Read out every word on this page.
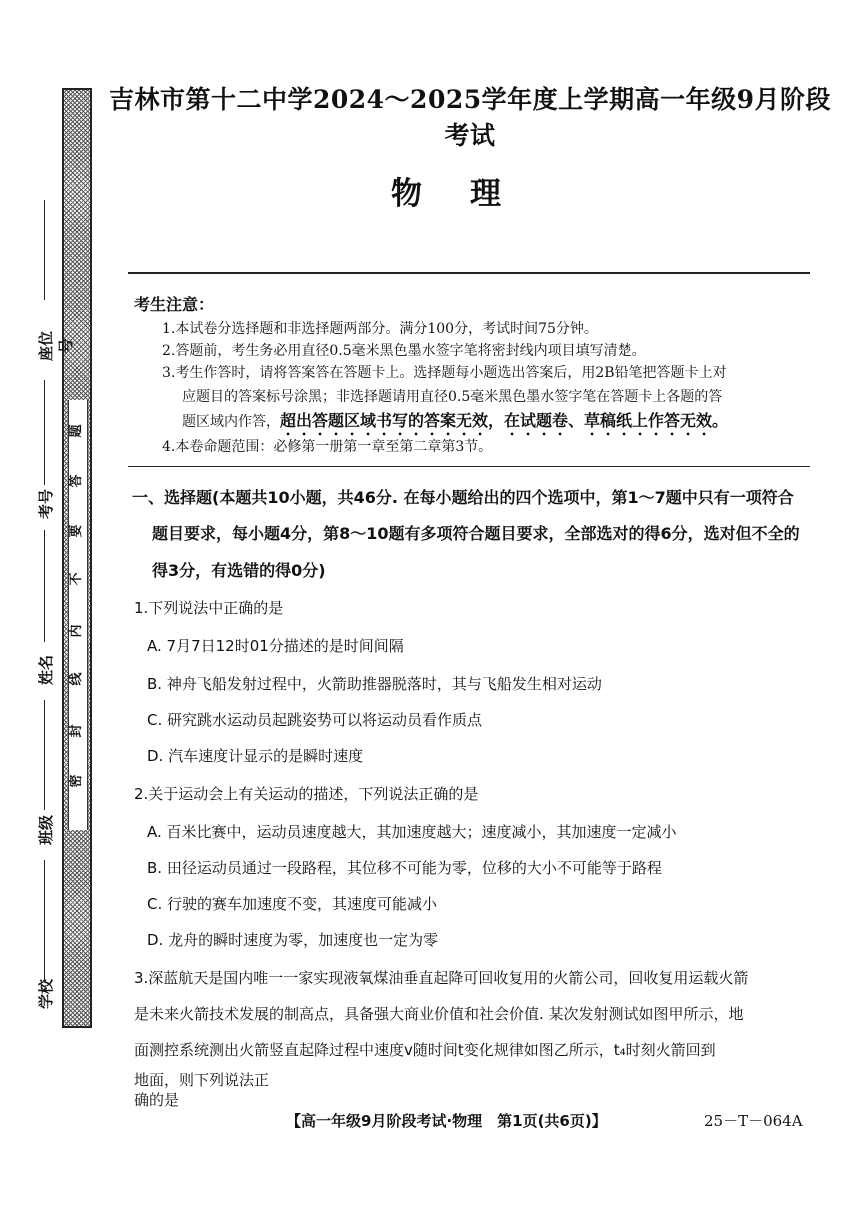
密
封
线
内
不
要
答
题
座位号
考号
姓名
班级
学校
吉林市第十二中学2024～2025学年度上学期高一年级9月阶段考试
物理
考生注意：
1.本试卷分选择题和非选择题两部分。满分100分，考试时间75分钟。
2.答题前，考生务必用直径0.5毫米黑色墨水签字笔将密封线内项目填写清楚。
3.考生作答时，请将答案答在答题卡上。选择题每小题选出答案后，用2B铅笔把答题卡上对
应题目的答案标号涂黑；非选择题请用直径0.5毫米黑色墨水签字笔在答题卡上各题的答
题区域内作答，超出答题区域书写的答案无效，在试题卷、草稿纸上作答无效。
4.本卷命题范围：必修第一册第一章至第二章第3节。
一、选择题(本题共10小题，共46分. 在每小题给出的四个选项中，第1～7题中只有一项符合
题目要求，每小题4分，第8～10题有多项符合题目要求，全部选对的得6分，选对但不全的
得3分，有选错的得0分)
1.下列说法中正确的是
A. 7月7日12时01分描述的是时间间隔
B. 神舟飞船发射过程中，火箭助推器脱落时，其与飞船发生相对运动
C. 研究跳水运动员起跳姿势可以将运动员看作质点
D. 汽车速度计显示的是瞬时速度
2.关于运动会上有关运动的描述，下列说法正确的是
A. 百米比赛中，运动员速度越大，其加速度越大；速度减小，其加速度一定减小
B. 田径运动员通过一段路程，其位移不可能为零，位移的大小不可能等于路程
C. 行驶的赛车加速度不变，其速度可能减小
D. 龙舟的瞬时速度为零，加速度也一定为零
3.深蓝航天是国内唯一一家实现液氧煤油垂直起降可回收复用的火箭公司，回收复用运载火箭
是未来火箭技术发展的制高点，具备强大商业价值和社会价值. 某次发射测试如图甲所示，地
面测控系统测出火箭竖直起降过程中速度v随时间t变化规律如图乙所示，t₄时刻火箭回到
地面，则下列说法正确的是
【高一年级9月阶段考试·物理　第1页(共6页)】	25－T－064A
